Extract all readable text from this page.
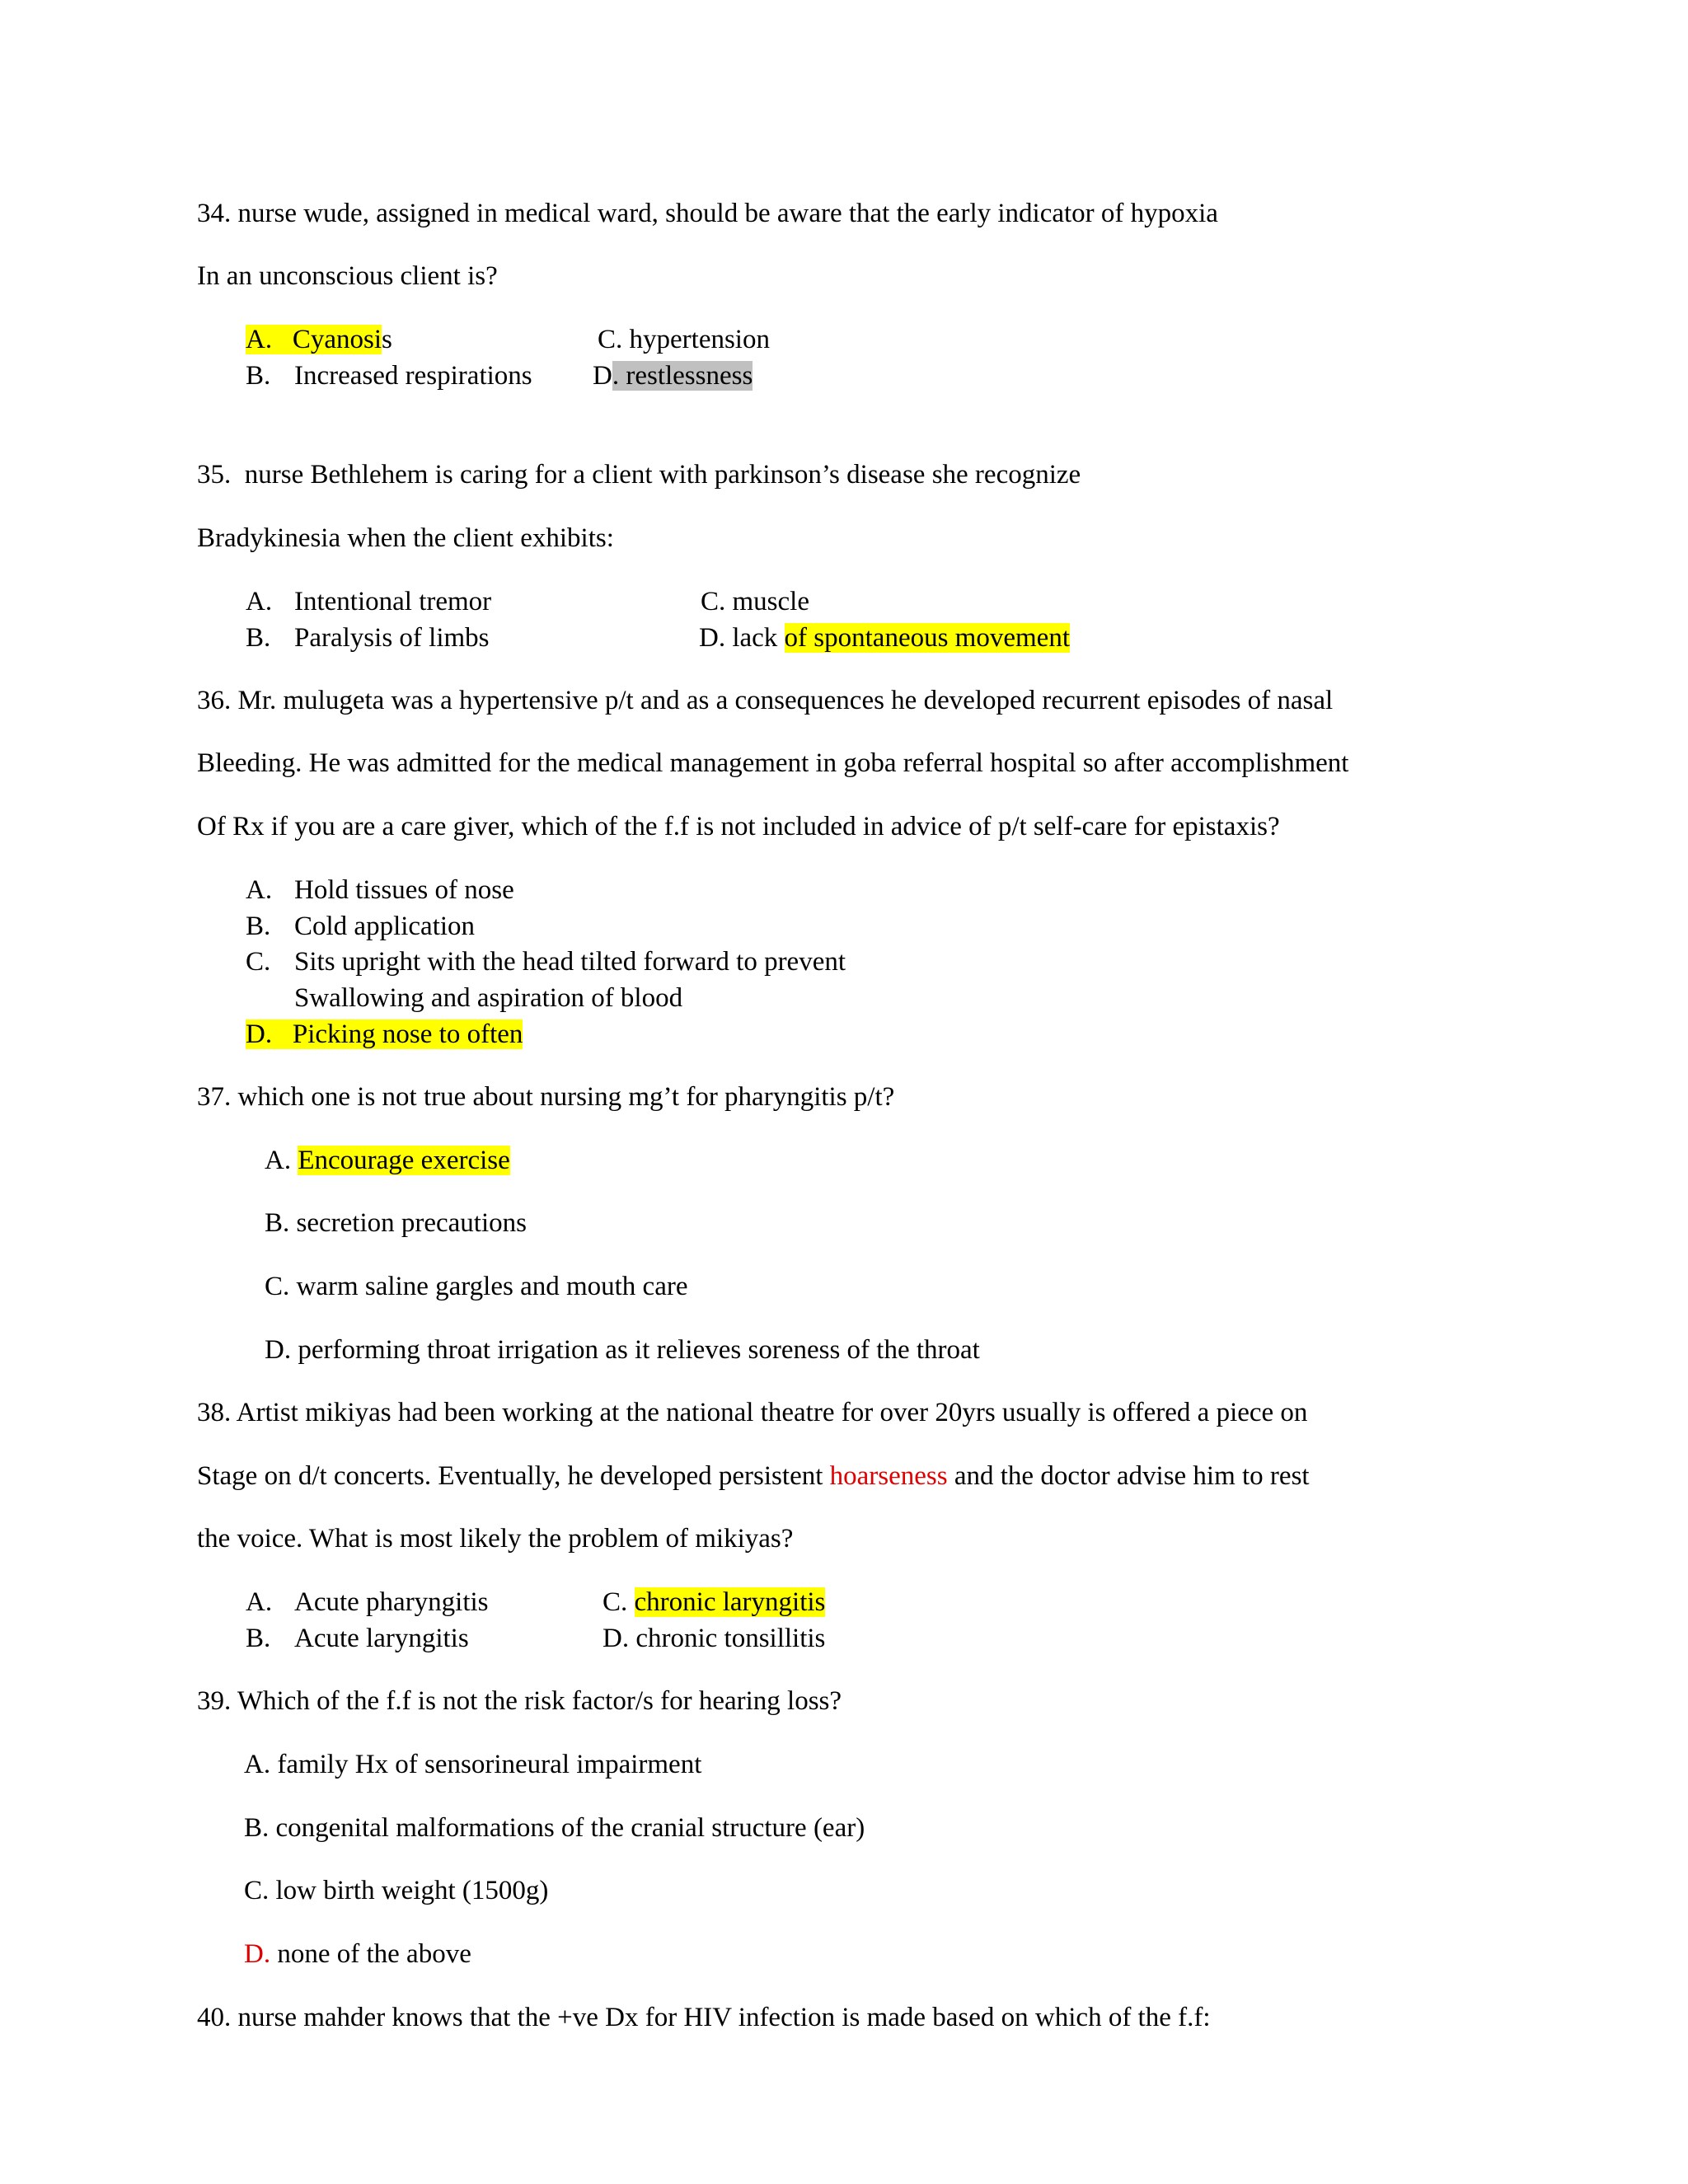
34. nurse wude, assigned in medical ward, should be aware that the early indicator of hypoxia
In an unconscious client is?
A. Cyanosis
B. Increased respirations
C. hypertension
D. restlessness
35.  nurse Bethlehem is caring for a client with parkinson’s disease she recognize
Bradykinesia when the client exhibits:
A. Intentional tremor
B. Paralysis of limbs
C. muscle
D. lack of spontaneous movement
36. Mr. mulugeta was a hypertensive p/t and as a consequences he developed recurrent episodes of nasal
Bleeding. He was admitted for the medical management in goba referral hospital so after accomplishment
Of Rx if you are a care giver, which of the f.f is not included in advice of p/t self-care for epistaxis?
A. Hold tissues of nose
B. Cold application
C. Sits upright with the head tilted forward to prevent
Swallowing and aspiration of blood
D. Picking nose to often
37. which one is not true about nursing mg’t for pharyngitis p/t?
A. Encourage exercise
B. secretion precautions
C. warm saline gargles and mouth care
D. performing throat irrigation as it relieves soreness of the throat
38. Artist mikiyas had been working at the national theatre for over 20yrs usually is offered a piece on
Stage on d/t concerts. Eventually, he developed persistent hoarseness and the doctor advise him to rest
the voice. What is most likely the problem of mikiyas?
A. Acute pharyngitis
B. Acute laryngitis
C. chronic laryngitis
D. chronic tonsillitis
39. Which of the f.f is not the risk factor/s for hearing loss?
A. family Hx of sensorineural impairment
B. congenital malformations of the cranial structure (ear)
C. low birth weight (1500g)
D. none of the above
40. nurse mahder knows that the +ve Dx for HIV infection is made based on which of the f.f:
